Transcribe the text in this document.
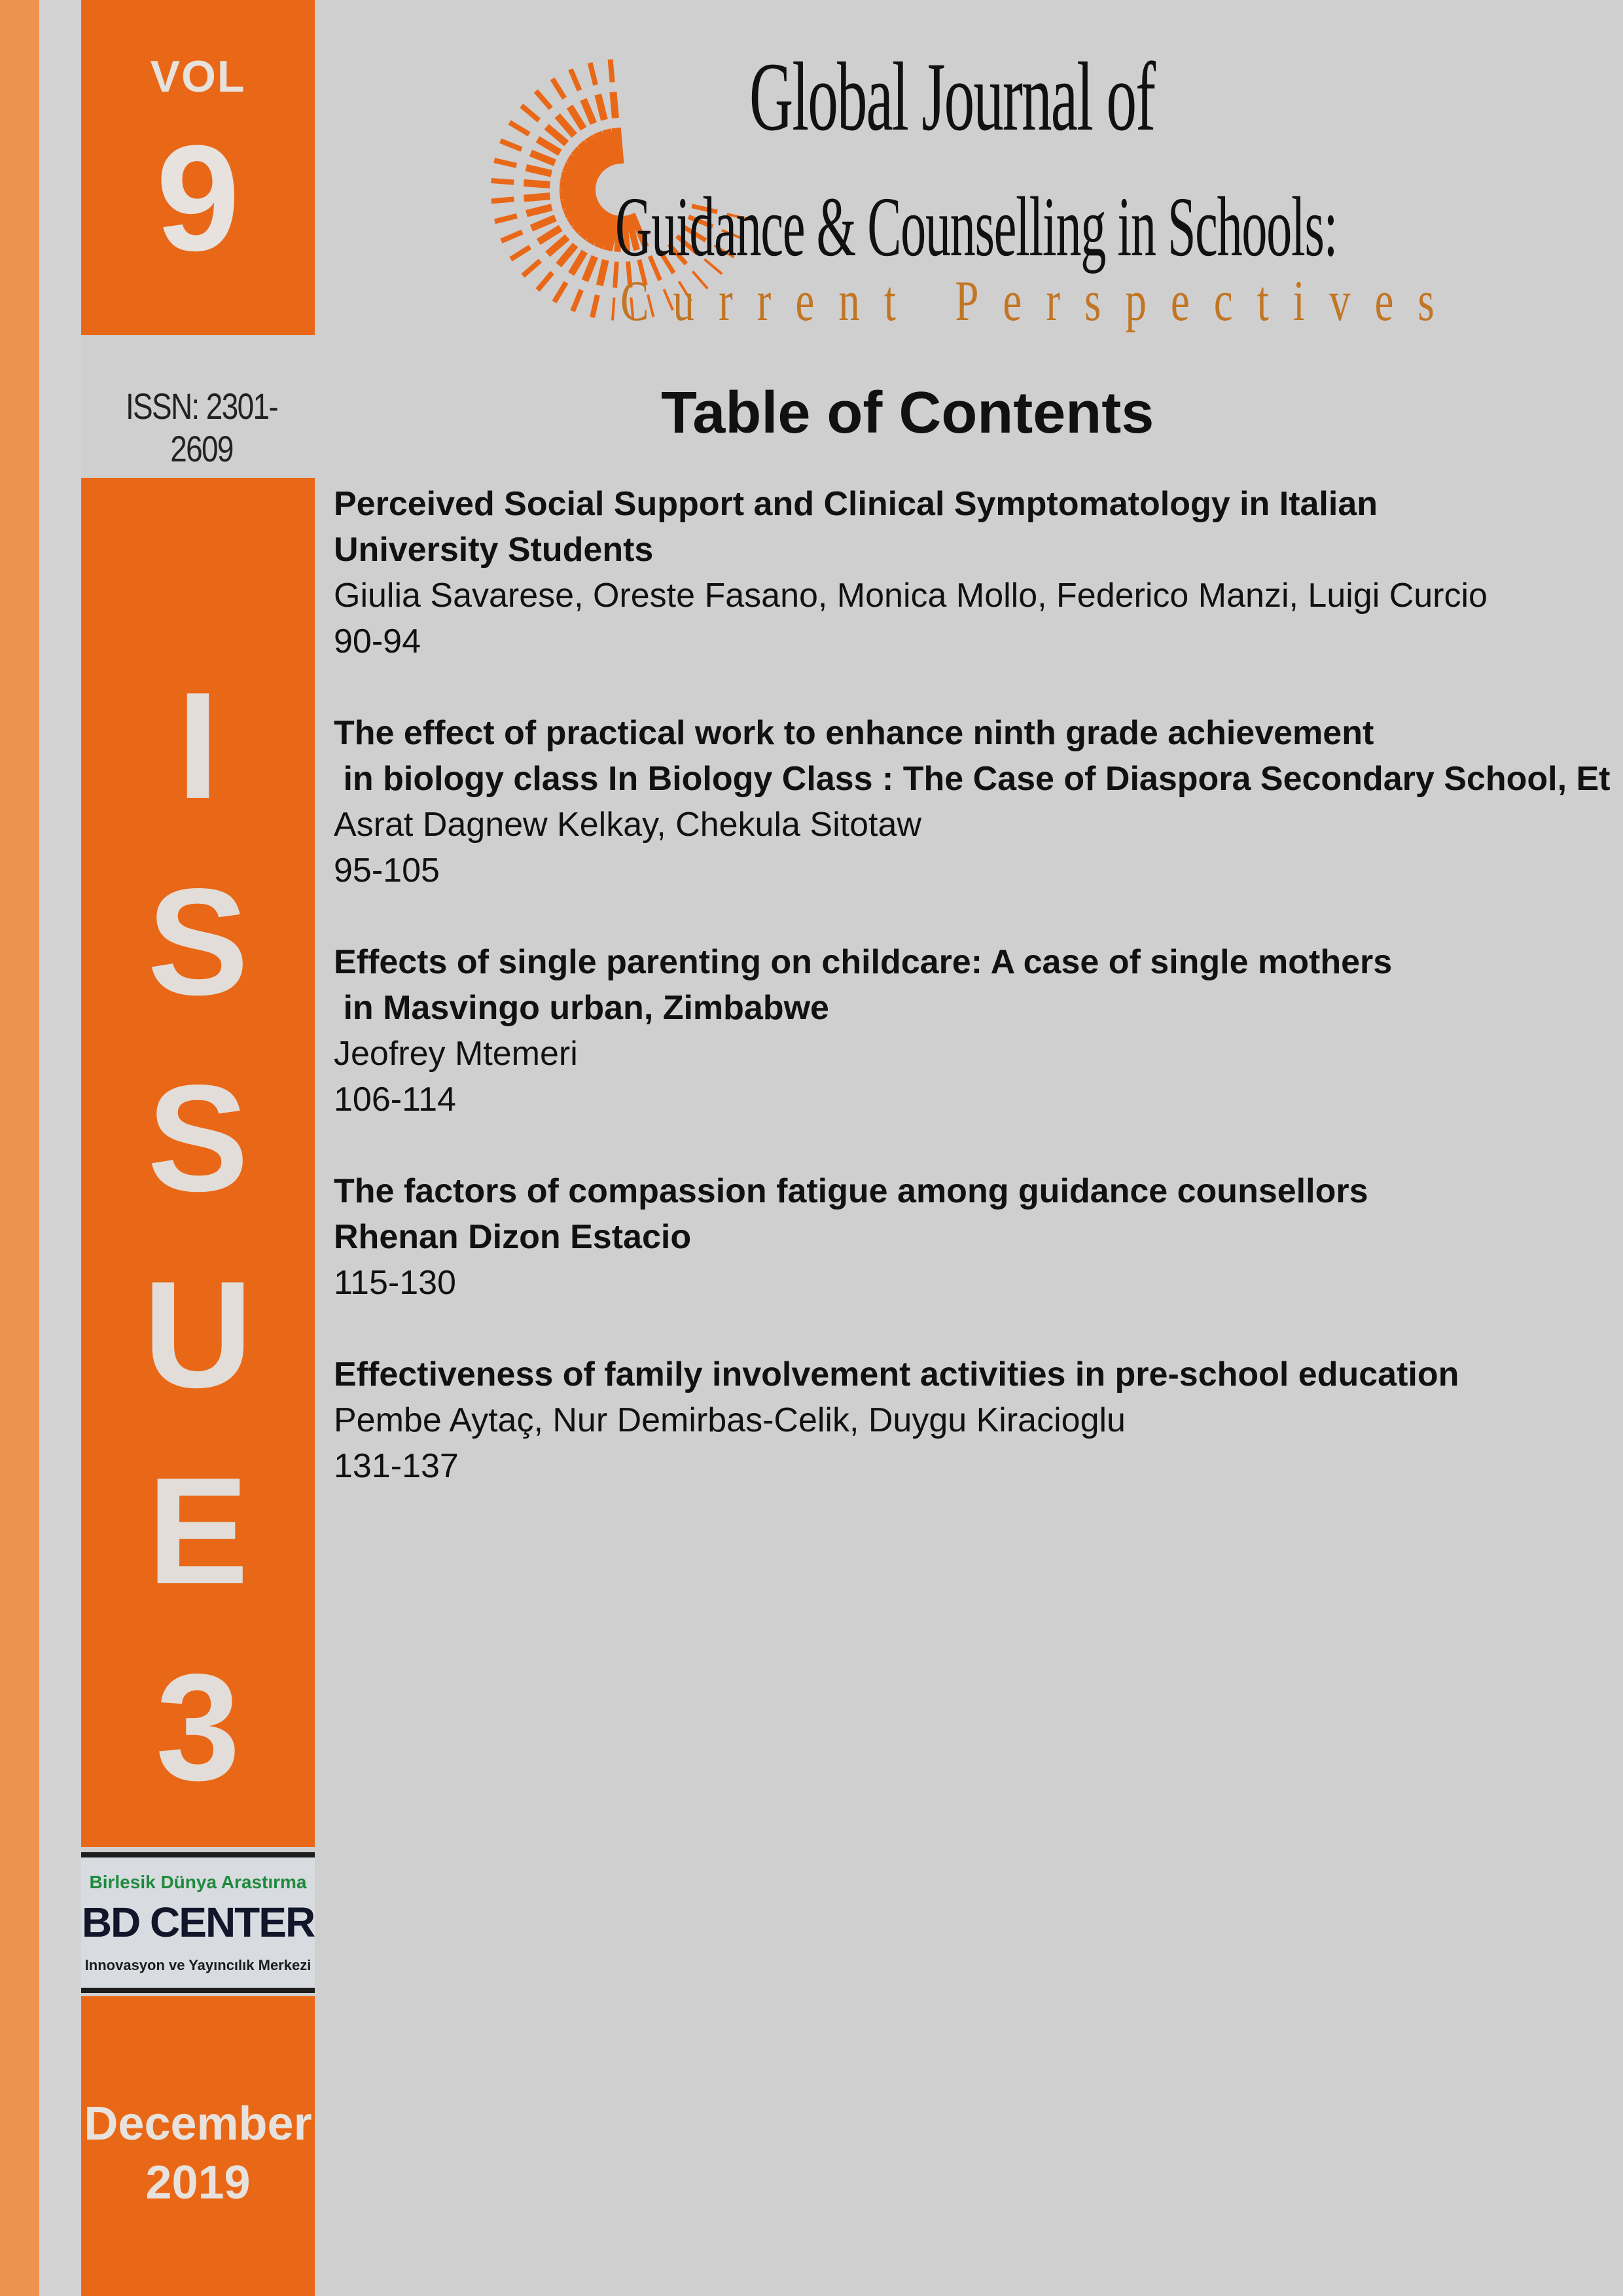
VOL
9
ISSN: 2301-2609
I
S
S
U
E
3
Birlesik Dünya Arastırma
BD CENTER
Innovasyon ve Yayıncılık Merkezi
December
2019
Global Journal of
Guidance & Counselling in Schools:
Current Perspectives
Table of Contents
Perceived Social Support and Clinical Symptomatology in Italian
University Students
Giulia Savarese, Oreste Fasano, Monica Mollo, Federico Manzi, Luigi Curcio
90-94
The effect of practical work to enhance ninth grade achievement
in biology class In Biology Class : The Case of Diaspora Secondary School, Et
Asrat Dagnew Kelkay, Chekula Sitotaw
95-105
Effects of single parenting on childcare: A case of single mothers
in Masvingo urban, Zimbabwe
Jeofrey Mtemeri
106-114
The factors of compassion fatigue among guidance counsellors
Rhenan Dizon Estacio
115-130
Effectiveness of family involvement activities in pre-school education
Pembe Aytaç, Nur Demirbas-Celik, Duygu Kiracioglu
131-137
